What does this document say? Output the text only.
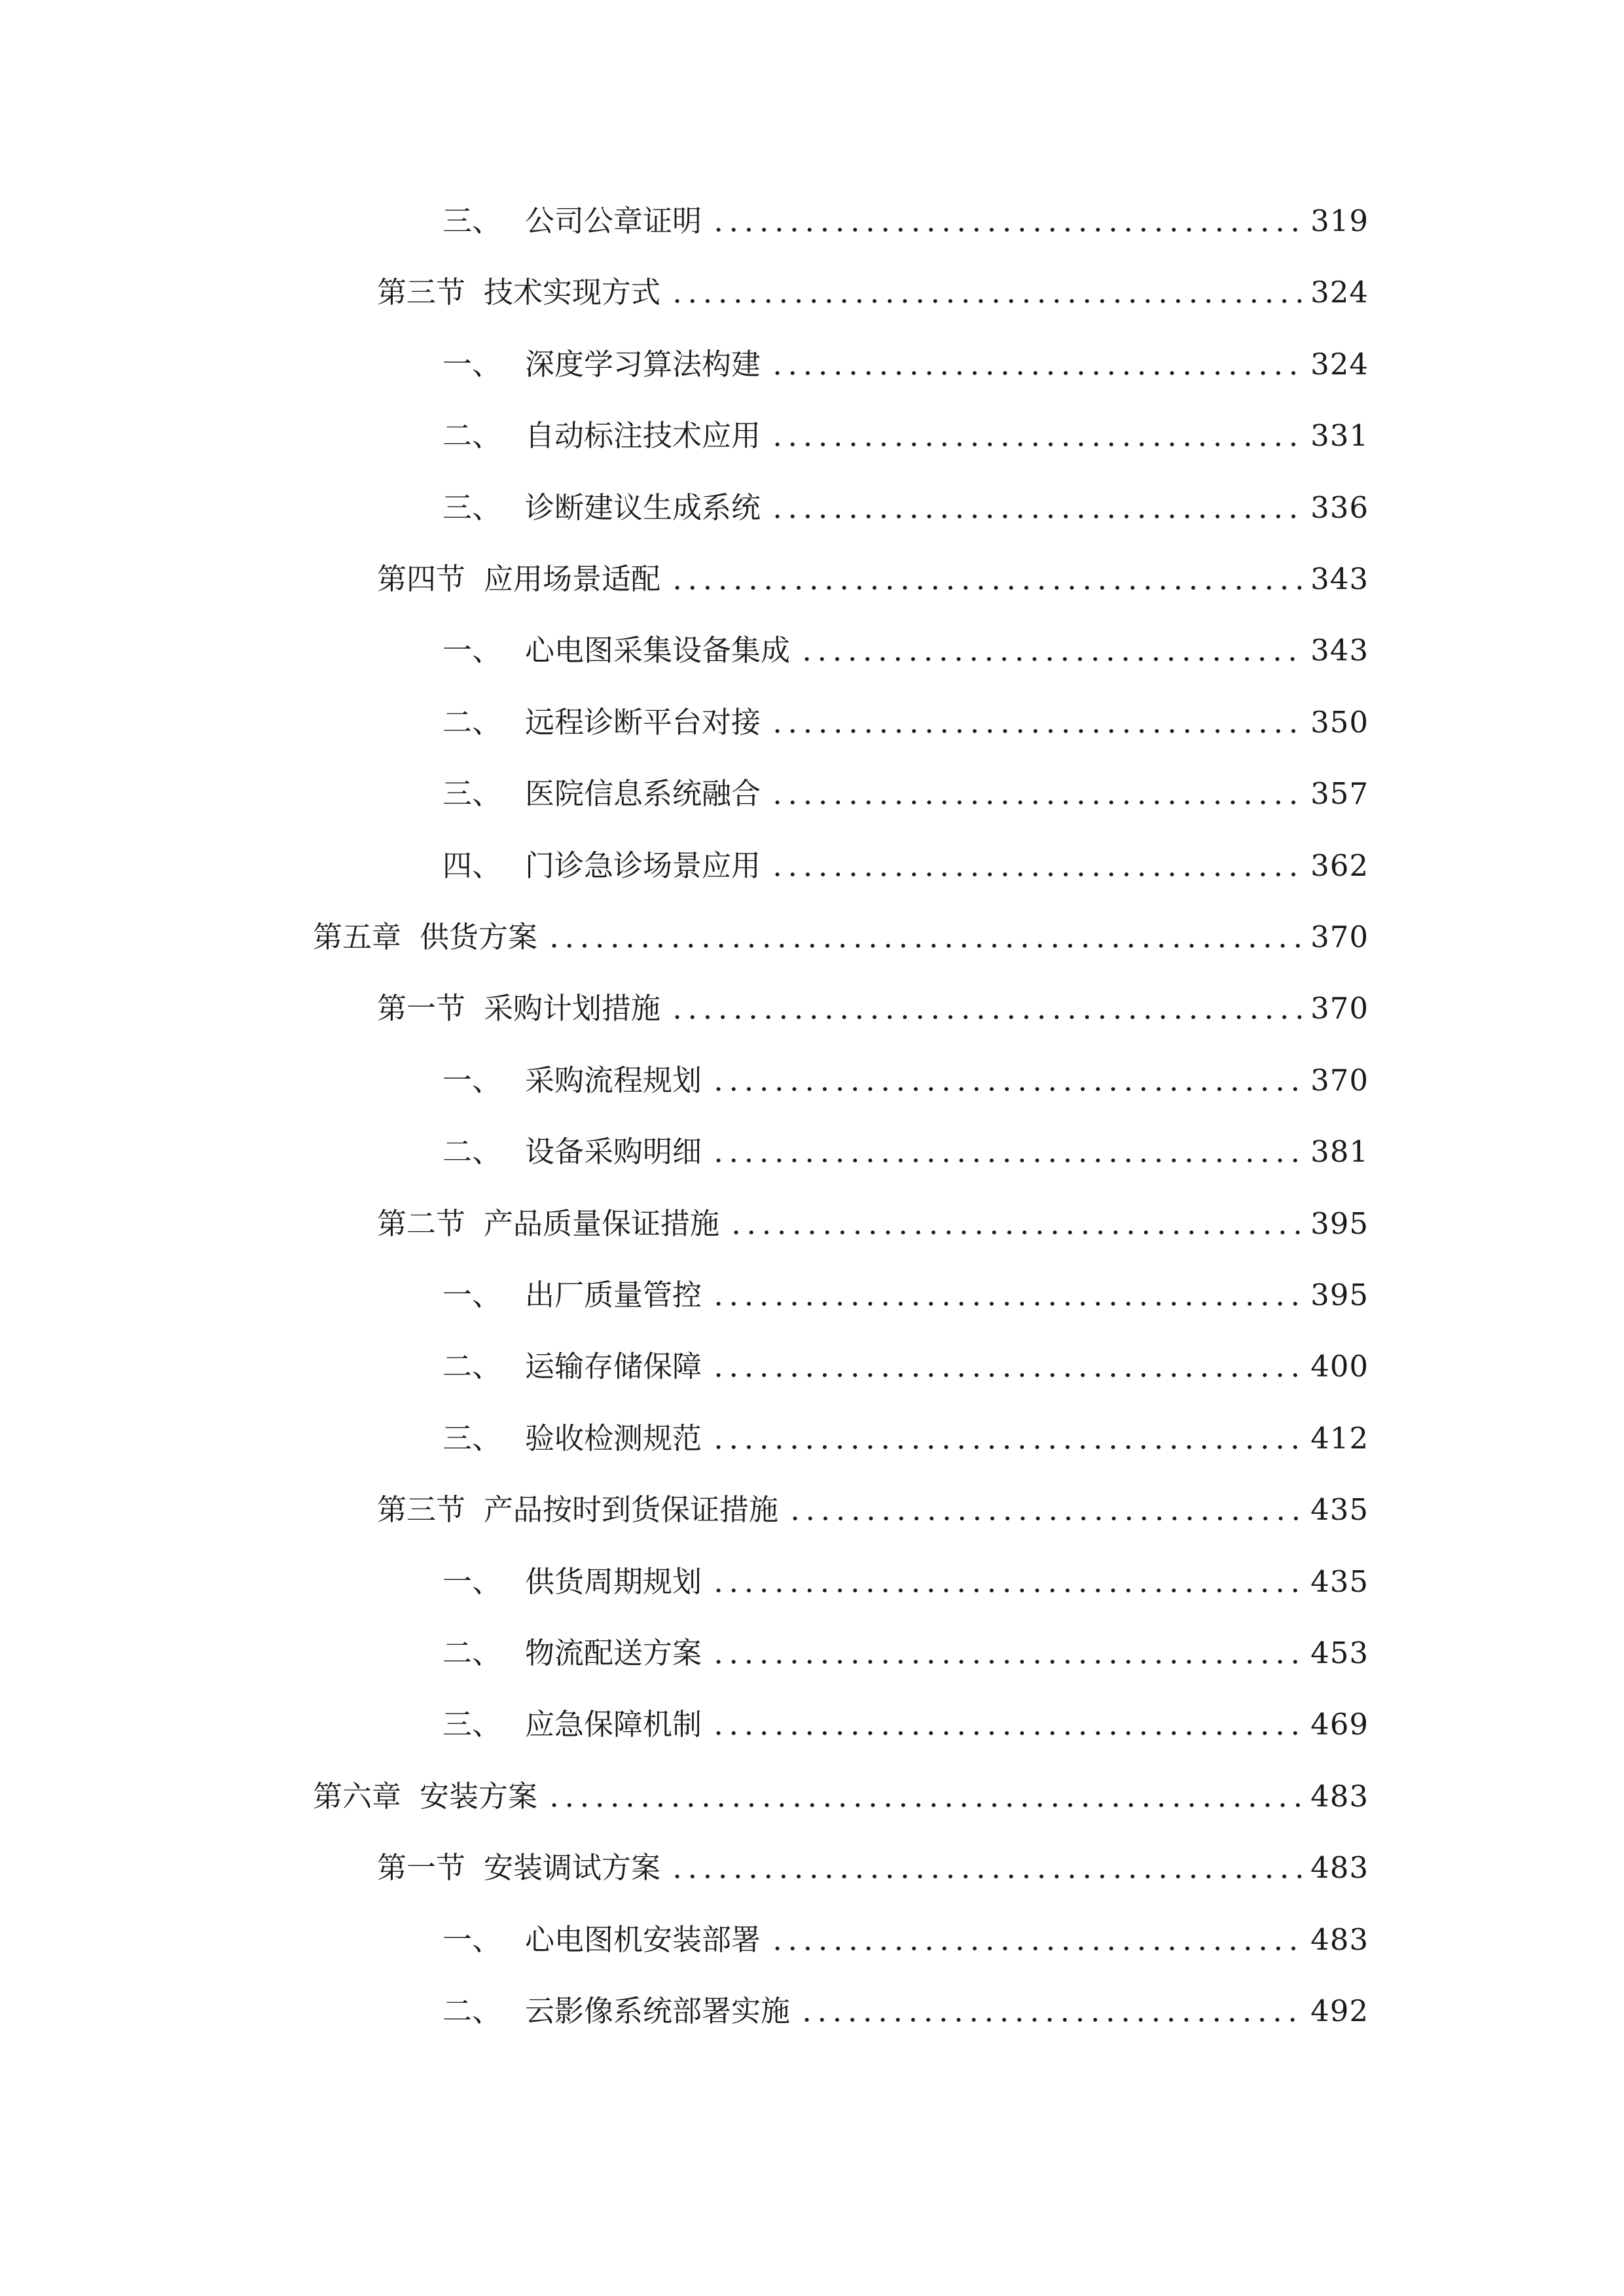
三、 公司公章证明	319
第三节 技术实现方式	324
一、 深度学习算法构建	324
二、 自动标注技术应用	331
三、 诊断建议生成系统	336
第四节 应用场景适配	343
一、 心电图采集设备集成	343
二、 远程诊断平台对接	350
三、 医院信息系统融合	357
四、 门诊急诊场景应用	362
第五章 供货方案	370
第一节 采购计划措施	370
一、 采购流程规划	370
二、 设备采购明细	381
第二节 产品质量保证措施	395
一、 出厂质量管控	395
二、 运输存储保障	400
三、 验收检测规范	412
第三节 产品按时到货保证措施	435
一、 供货周期规划	435
二、 物流配送方案	453
三、 应急保障机制	469
第六章 安装方案	483
第一节 安装调试方案	483
一、 心电图机安装部署	483
二、 云影像系统部署实施	492
